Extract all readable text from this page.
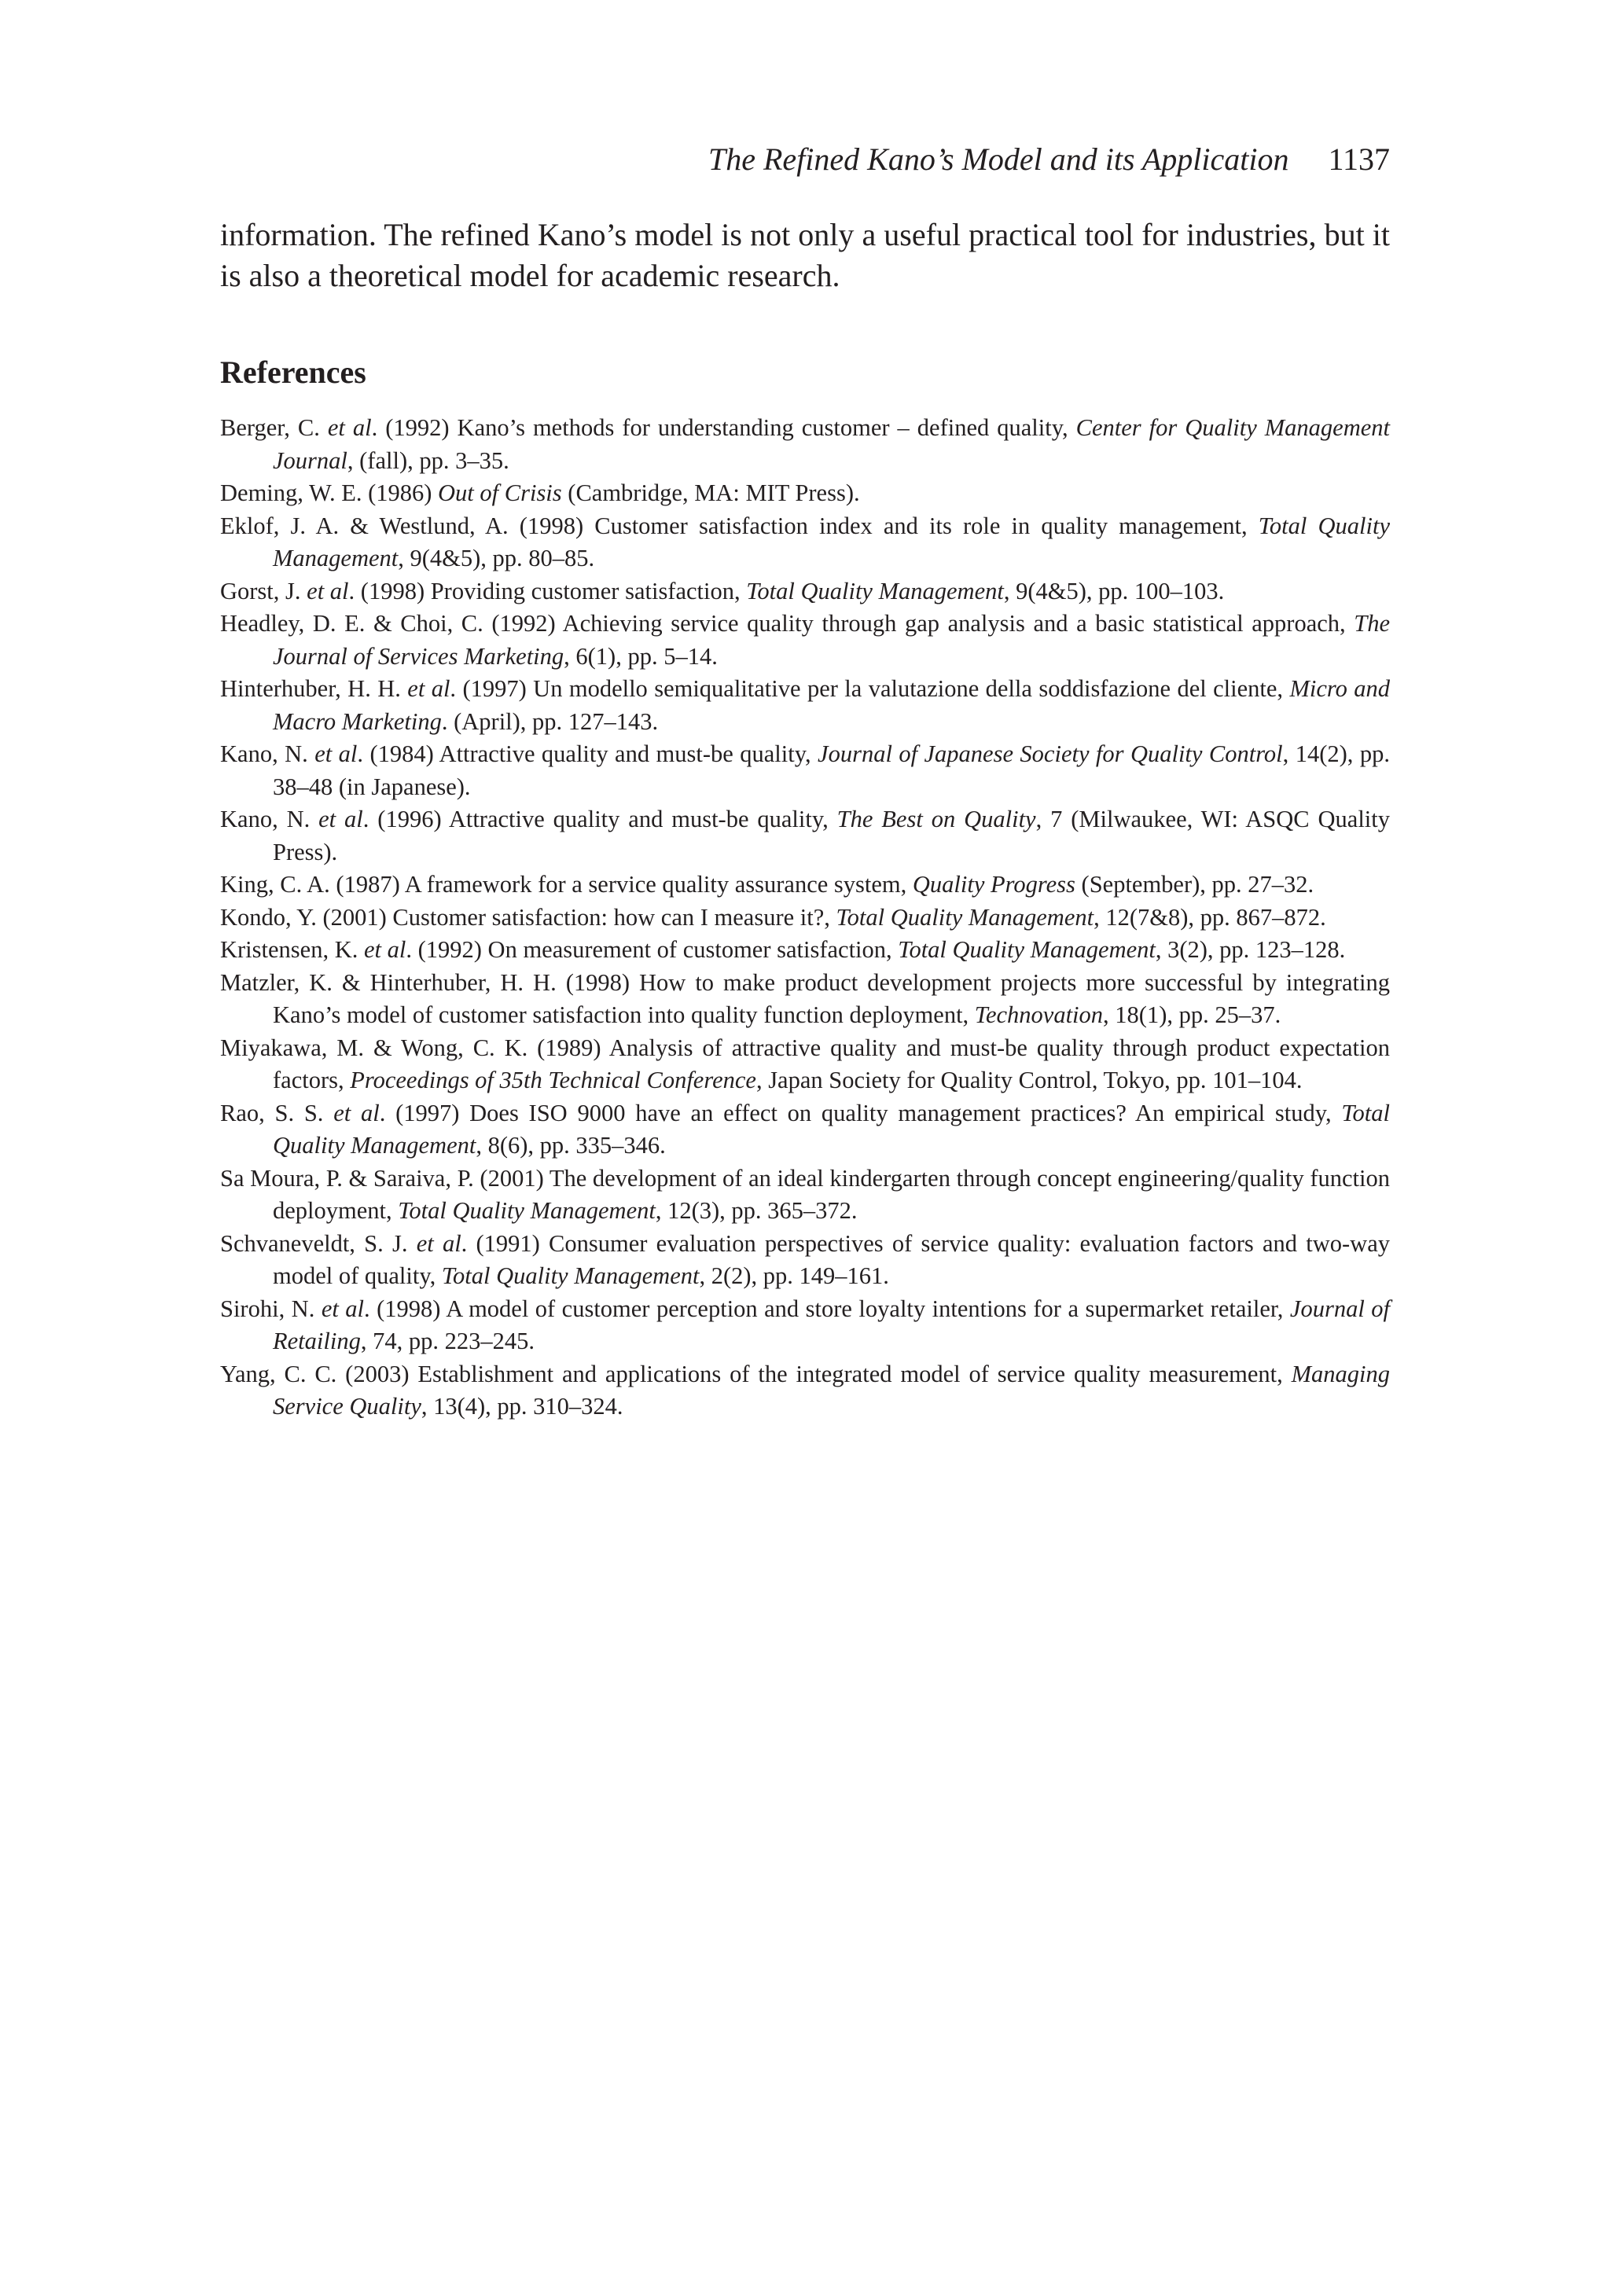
The Refined Kano’s Model and its Application 1137

information. The refined Kano’s model is not only a useful practical tool for industries, but it is also a theoretical model for academic research.

References
Berger, C. et al. (1992) Kano’s methods for understanding customer – defined quality, Center for Quality Management Journal, (fall), pp. 3–35.
Deming, W. E. (1986) Out of Crisis (Cambridge, MA: MIT Press).
Eklof, J. A. & Westlund, A. (1998) Customer satisfaction index and its role in quality management, Total Quality Management, 9(4&5), pp. 80–85.
Gorst, J. et al. (1998) Providing customer satisfaction, Total Quality Management, 9(4&5), pp. 100–103.
Headley, D. E. & Choi, C. (1992) Achieving service quality through gap analysis and a basic statistical approach, The Journal of Services Marketing, 6(1), pp. 5–14.
Hinterhuber, H. H. et al. (1997) Un modello semiqualitative per la valutazione della soddisfazione del cliente, Micro and Macro Marketing. (April), pp. 127–143.
Kano, N. et al. (1984) Attractive quality and must-be quality, Journal of Japanese Society for Quality Control, 14(2), pp. 38–48 (in Japanese).
Kano, N. et al. (1996) Attractive quality and must-be quality, The Best on Quality, 7 (Milwaukee, WI: ASQC Quality Press).
King, C. A. (1987) A framework for a service quality assurance system, Quality Progress (September), pp. 27–32.
Kondo, Y. (2001) Customer satisfaction: how can I measure it?, Total Quality Management, 12(7&8), pp. 867–872.
Kristensen, K. et al. (1992) On measurement of customer satisfaction, Total Quality Management, 3(2), pp. 123–128.
Matzler, K. & Hinterhuber, H. H. (1998) How to make product development projects more successful by integrating Kano’s model of customer satisfaction into quality function deployment, Technovation, 18(1), pp. 25–37.
Miyakawa, M. & Wong, C. K. (1989) Analysis of attractive quality and must-be quality through product expectation factors, Proceedings of 35th Technical Conference, Japan Society for Quality Control, Tokyo, pp. 101–104.
Rao, S. S. et al. (1997) Does ISO 9000 have an effect on quality management practices? An empirical study, Total Quality Management, 8(6), pp. 335–346.
Sa Moura, P. & Saraiva, P. (2001) The development of an ideal kindergarten through concept engineering/quality function deployment, Total Quality Management, 12(3), pp. 365–372.
Schvaneveldt, S. J. et al. (1991) Consumer evaluation perspectives of service quality: evaluation factors and two-way model of quality, Total Quality Management, 2(2), pp. 149–161.
Sirohi, N. et al. (1998) A model of customer perception and store loyalty intentions for a supermarket retailer, Journal of Retailing, 74, pp. 223–245.
Yang, C. C. (2003) Establishment and applications of the integrated model of service quality measurement, Managing Service Quality, 13(4), pp. 310–324.
